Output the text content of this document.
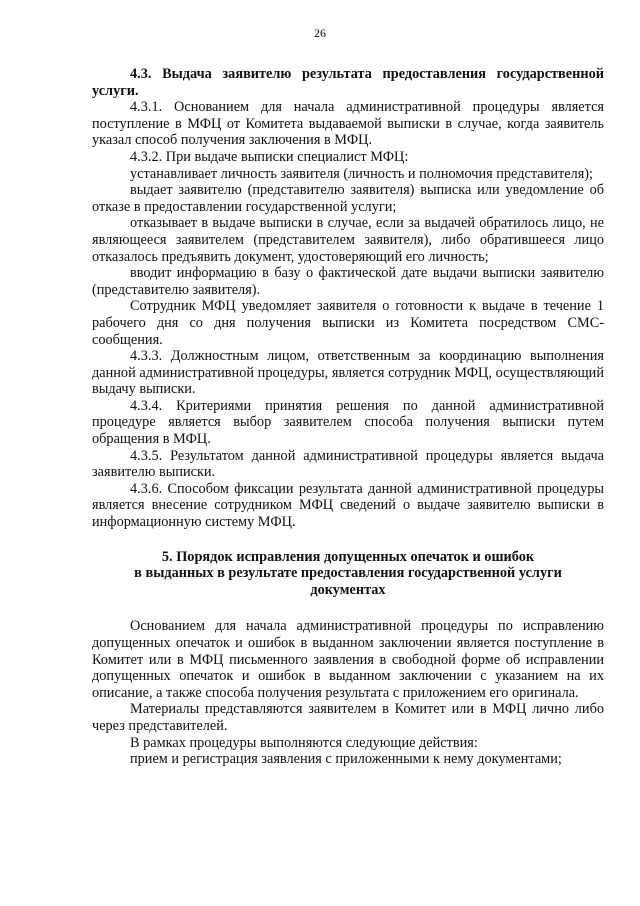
26
4.3. Выдача заявителю результата предоставления государственной услуги.

4.3.1. Основанием для начала административной процедуры является поступление в МФЦ от Комитета выдаваемой выписки в случае, когда заявитель указал способ получения заключения в МФЦ.

4.3.2. При выдаче выписки специалист МФЦ:

устанавливает личность заявителя (личность и полномочия представителя);

выдает заявителю (представителю заявителя) выписка или уведомление об отказе в предоставлении государственной услуги;

отказывает в выдаче выписки в случае, если за выдачей обратилось лицо, не являющееся заявителем (представителем заявителя), либо обратившееся лицо отказалось предъявить документ, удостоверяющий его личность;

вводит информацию в базу о фактической дате выдачи выписки заявителю (представителю заявителя).

Сотрудник МФЦ уведомляет заявителя о готовности к выдаче в течение 1 рабочего дня со дня получения выписки из Комитета посредством СМС-сообщения.

4.3.3. Должностным лицом, ответственным за координацию выполнения данной административной процедуры, является сотрудник МФЦ, осуществляющий выдачу выписки.

4.3.4. Критериями принятия решения по данной административной процедуре является выбор заявителем способа получения выписки путем обращения в МФЦ.

4.3.5. Результатом данной административной процедуры является выдача заявителю выписки.

4.3.6. Способом фиксации результата данной административной процедуры является внесение сотрудником МФЦ сведений о выдаче заявителю выписки в информационную систему МФЦ.

5. Порядок исправления допущенных опечаток и ошибок
в выданных в результате предоставления государственной услуги
документах

Основанием для начала административной процедуры по исправлению допущенных опечаток и ошибок в выданном заключении является поступление в Комитет или в МФЦ письменного заявления в свободной форме об исправлении допущенных опечаток и ошибок в выданном заключении с указанием на их описание, а также способа получения результата с приложением его оригинала.

Материалы представляются заявителем в Комитет или в МФЦ лично либо через представителей.

В рамках процедуры выполняются следующие действия:

прием и регистрация заявления с приложенными к нему документами;
